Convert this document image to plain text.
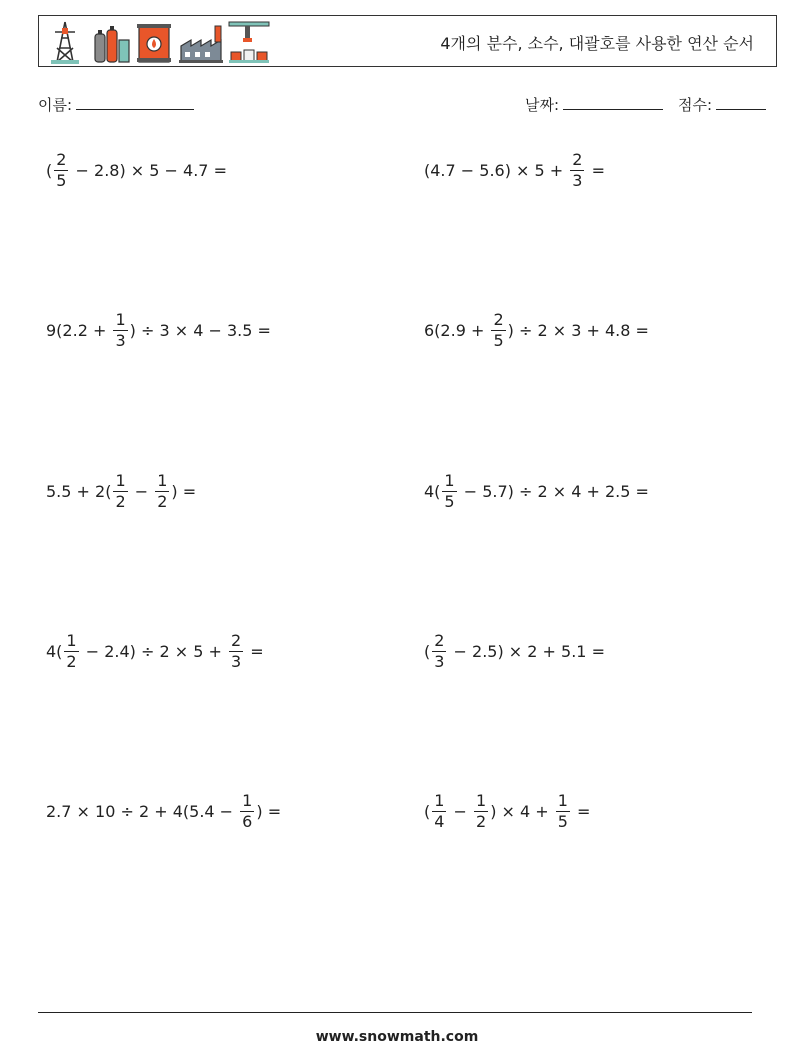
4개의 분수, 소수, 대괄호를 사용한 연산 순서
이름:	날짜:	점수:
( $\frac{2}{5} - 2.8) \times 5 - 4.7$ =	$(4.7 - 5.6) \times 5 + \frac{2}{3}$ =
$9(2.2 + \frac{1}{3}$ ) ÷ 3 × 4 − 3.5 =	$6(2.9 + \frac{2}{5}$ ) ÷ 2 × 3 + 4.8 =
$5.5 + 2( \frac{1}{2} - \frac{1}{2}$ ) =	$4( \frac{1}{5} - 5.7) \div 2 \times 4 + 2.5$ =
$4( \frac{1}{2} - 2.4) \div 2 \times 5 + \frac{2}{3}$ =	( $\frac{2}{3} - 2.5) \times 2 + 5.1$ =
$2.7 \times 10 \div 2 + 4(5.4 - \frac{1}{6}$ ) =	( $\frac{1}{4} - \frac{1}{2}$ ) × $4 + \frac{1}{5}$ =
www.snowmath.com
